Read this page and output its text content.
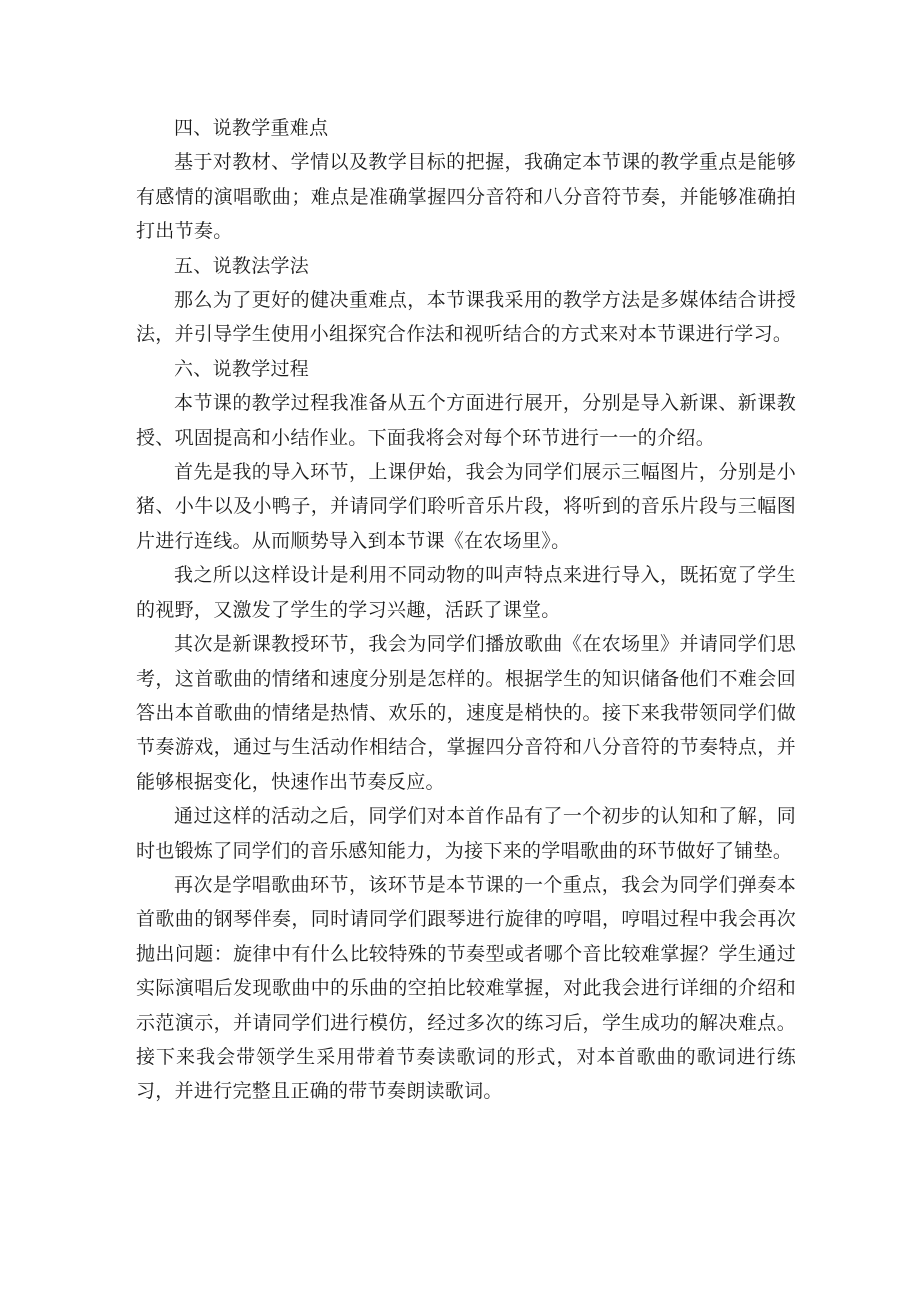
四、说教学重难点

基于对教材、学情以及教学目标的把握，我确定本节课的教学重点是能够有感情的演唱歌曲；难点是准确掌握四分音符和八分音符节奏，并能够准确拍打出节奏。

五、说教法学法

那么为了更好的健决重难点，本节课我采用的教学方法是多媒体结合讲授法，并引导学生使用小组探究合作法和视听结合的方式来对本节课进行学习。

六、说教学过程

本节课的教学过程我准备从五个方面进行展开，分别是导入新课、新课教授、巩固提高和小结作业。下面我将会对每个环节进行一一的介绍。

首先是我的导入环节，上课伊始，我会为同学们展示三幅图片，分别是小猪、小牛以及小鸭子，并请同学们聆听音乐片段，将听到的音乐片段与三幅图片进行连线。从而顺势导入到本节课《在农场里》。

我之所以这样设计是利用不同动物的叫声特点来进行导入，既拓宽了学生的视野，又激发了学生的学习兴趣，活跃了课堂。

其次是新课教授环节，我会为同学们播放歌曲《在农场里》并请同学们思考，这首歌曲的情绪和速度分别是怎样的。根据学生的知识储备他们不难会回答出本首歌曲的情绪是热情、欢乐的，速度是梢快的。接下来我带领同学们做节奏游戏，通过与生活动作相结合，掌握四分音符和八分音符的节奏特点，并能够根据变化，快速作出节奏反应。

通过这样的活动之后，同学们对本首作品有了一个初步的认知和了解，同时也锻炼了同学们的音乐感知能力，为接下来的学唱歌曲的环节做好了铺垫。

再次是学唱歌曲环节，该环节是本节课的一个重点，我会为同学们弹奏本首歌曲的钢琴伴奏，同时请同学们跟琴进行旋律的哼唱，哼唱过程中我会再次抛出问题：旋律中有什么比较特殊的节奏型或者哪个音比较难掌握？学生通过实际演唱后发现歌曲中的乐曲的空拍比较难掌握，对此我会进行详细的介绍和示范演示，并请同学们进行模仿，经过多次的练习后，学生成功的解决难点。接下来我会带领学生采用带着节奏读歌词的形式，对本首歌曲的歌词进行练习，并进行完整且正确的带节奏朗读歌词。
